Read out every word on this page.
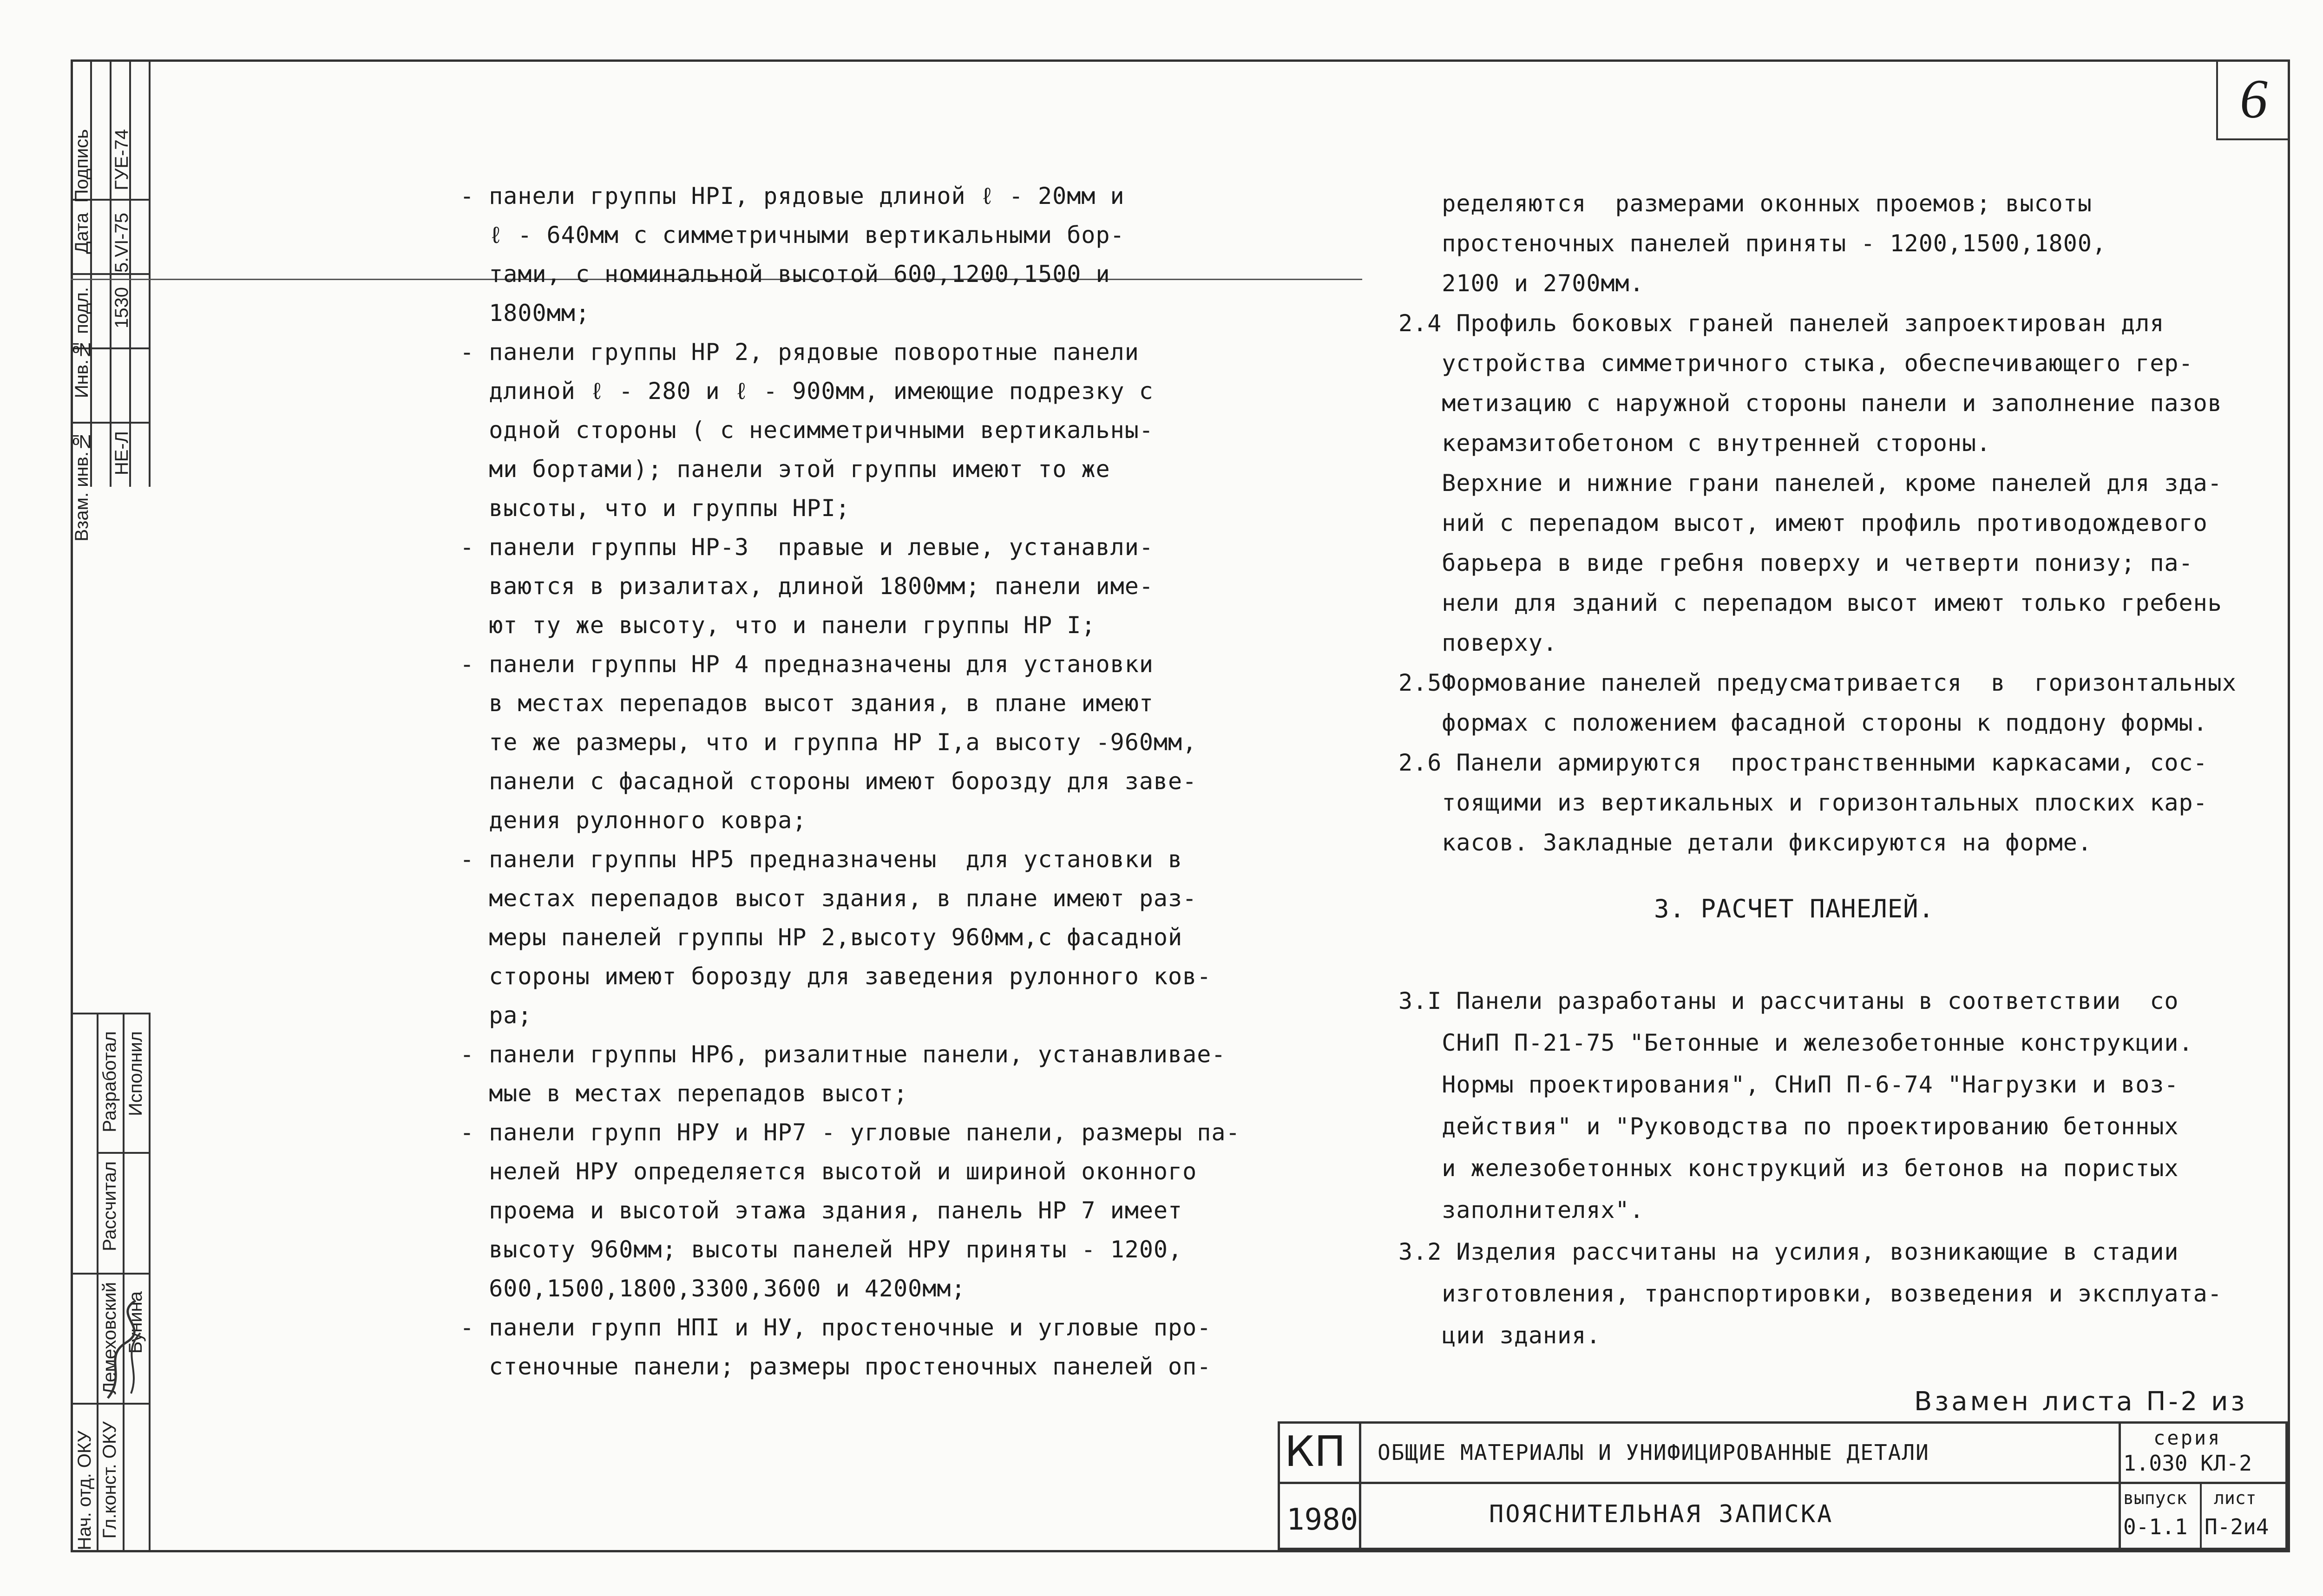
Подпись
Дата
Инв.№ подл.
Взам. инв.№
ГУЕ-74
5.VI-75
1530
НЕ-Л
Разработал
Рассчитал
Исполнил
Лемеховский Бунина
Нач. отд. ОКУ Гл.конст. ОКУ
6

- панели группы НРI, рядовые длиной ℓ - 20мм и

ℓ - 640мм с симметричными вертикальными бор-

тами, с номинальной высотой 600,1200,1500 и

1800мм;

- панели группы НР 2, рядовые поворотные панели

длиной ℓ - 280 и ℓ - 900мм, имеющие подрезку с

одной стороны ( с несимметричными вертикальны-

ми бортами); панели этой группы имеют то же

высоты, что и группы НРI;

- панели группы НР-3  правые и левые, устанавли-

ваются в ризалитах, длиной 1800мм; панели име-

ют ту же высоту, что и панели группы НР I;

- панели группы НР 4 предназначены для установки

в местах перепадов высот здания, в плане имеют

те же размеры, что и группа НР I,а высоту -960мм,

панели с фасадной стороны имеют борозду для заве-

дения рулонного ковра;

- панели группы НР5 предназначены  для установки в

местах перепадов высот здания, в плане имеют раз-

меры панелей группы НР 2,высоту 960мм,с фасадной

стороны имеют борозду для заведения рулонного ков-

ра;

- панели группы НР6, ризалитные панели, устанавливае-

мые в местах перепадов высот;

- панели групп НРУ и НР7 - угловые панели, размеры па-

нелей НРУ определяется высотой и шириной оконного

проема и высотой этажа здания, панель НР 7 имеет

высоту 960мм; высоты панелей НРУ приняты - 1200,

600,1500,1800,3300,3600 и 4200мм;

- панели групп НПI и НУ, простеночные и угловые про-

стеночные панели; размеры простеночных панелей оп-

ределяются  размерами оконных проемов; высоты

простеночных панелей приняты - 1200,1500,1800,

2100 и 2700мм.

2.4 Профиль боковых граней панелей запроектирован для

устройства симметричного стыка, обеспечивающего гер-

метизацию с наружной стороны панели и заполнение пазов

керамзитобетоном с внутренней стороны.

Верхние и нижние грани панелей, кроме панелей для зда-

ний с перепадом высот, имеют профиль противодождевого

барьера в виде гребня поверху и четверти понизу; па-

нели для зданий с перепадом высот имеют только гребень

поверху.

2.5Формование панелей предусматривается  в  горизонтальных

формах с положением фасадной стороны к поддону формы.

2.6 Панели армируются  пространственными каркасами, сос-

тоящими из вертикальных и горизонтальных плоских кар-

касов. Закладные детали фиксируются на форме.

3. РАСЧЕТ ПАНЕЛЕЙ.

3.I Панели разработаны и рассчитаны в соответствии  со

СНиП П-21-75 "Бетонные и железобетонные конструкции.

Нормы проектирования", СНиП П-6-74 "Нагрузки и воз-

действия" и "Руководства по проектированию бетонных

и железобетонных конструкций из бетонов на пористых

заполнителях".

3.2 Изделия рассчитаны на усилия, возникающие в стадии

изготовления, транспортировки, возведения и эксплуата-

ции здания.

Взамен листа П-2 из
КП
1980
ОБЩИЕ МАТЕРИАЛЫ И УНИФИЦИРОВАННЫЕ ДЕТАЛИ
ПОЯСНИТЕЛЬНАЯ ЗАПИСКА
серия
1.030 КЛ-2
выпуск
0-1.1
лист
П-2и4
